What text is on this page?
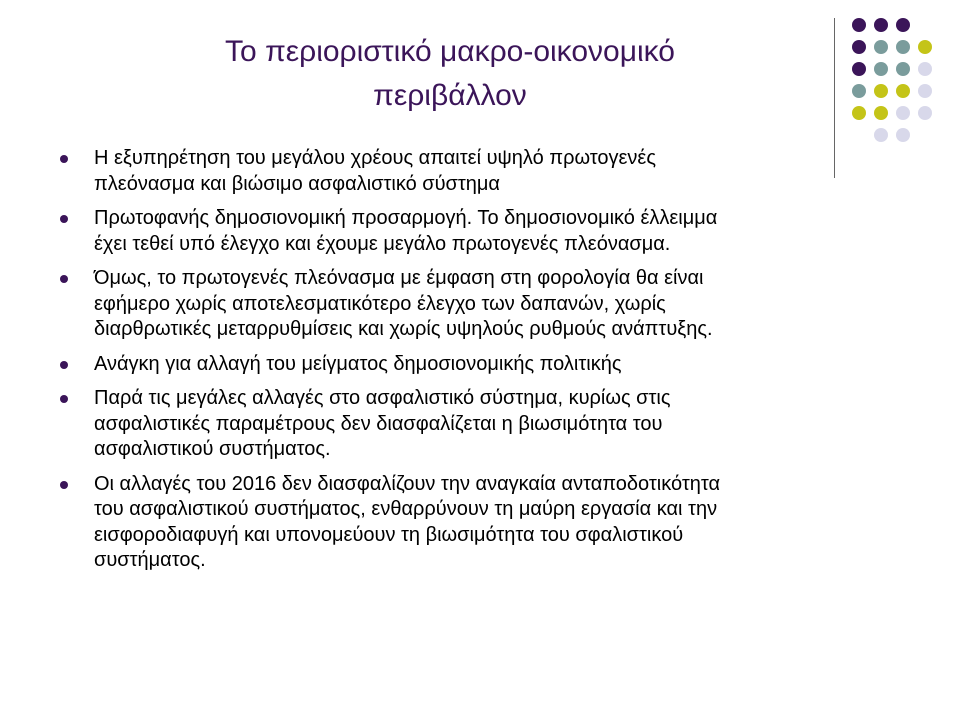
Το περιοριστικό μακρο-οικονομικό
περιβάλλον
Η εξυπηρέτηση του μεγάλου χρέους απαιτεί υψηλό πρωτογενές
πλεόνασμα και βιώσιμο ασφαλιστικό σύστημα
Πρωτοφανής δημοσιονομική προσαρμογή. Το δημοσιονομικό έλλειμμα
έχει τεθεί υπό έλεγχο και έχουμε μεγάλο πρωτογενές πλεόνασμα.
Όμως, το πρωτογενές πλεόνασμα με έμφαση στη φορολογία θα είναι
εφήμερο χωρίς αποτελεσματικότερο έλεγχο των δαπανών, χωρίς
διαρθρωτικές μεταρρυθμίσεις και χωρίς υψηλούς ρυθμούς ανάπτυξης.
Ανάγκη για αλλαγή του μείγματος δημοσιονομικής πολιτικής
Παρά τις μεγάλες αλλαγές στο ασφαλιστικό σύστημα, κυρίως στις
ασφαλιστικές παραμέτρους δεν διασφαλίζεται η βιωσιμότητα του
ασφαλιστικού συστήματος.
Οι αλλαγές του 2016 δεν διασφαλίζουν την αναγκαία ανταποδοτικότητα
του ασφαλιστικού συστήματος, ενθαρρύνουν τη μαύρη εργασία και την
εισφοροδιαφυγή και υπονομεύουν τη βιωσιμότητα του σφαλιστικού
συστήματος.
